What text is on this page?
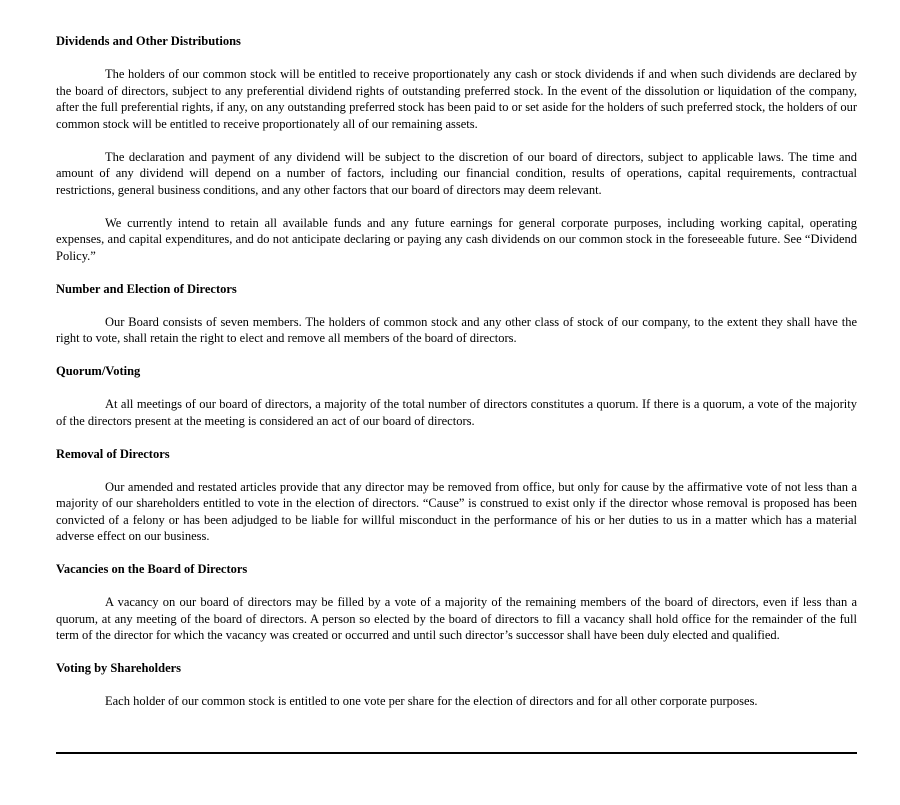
Dividends and Other Distributions

The holders of our common stock will be entitled to receive proportionately any cash or stock dividends if and when such dividends are declared by the board of directors, subject to any preferential dividend rights of outstanding preferred stock. In the event of the dissolution or liquidation of the company, after the full preferential rights, if any, on any outstanding preferred stock has been paid to or set aside for the holders of such preferred stock, the holders of our common stock will be entitled to receive proportionately all of our remaining assets.

The declaration and payment of any dividend will be subject to the discretion of our board of directors, subject to applicable laws. The time and amount of any dividend will depend on a number of factors, including our financial condition, results of operations, capital requirements, contractual restrictions, general business conditions, and any other factors that our board of directors may deem relevant.

We currently intend to retain all available funds and any future earnings for general corporate purposes, including working capital, operating expenses, and capital expenditures, and do not anticipate declaring or paying any cash dividends on our common stock in the foreseeable future. See “Dividend Policy.”

Number and Election of Directors

Our Board consists of seven members. The holders of common stock and any other class of stock of our company, to the extent they shall have the right to vote, shall retain the right to elect and remove all members of the board of directors.

Quorum/Voting

At all meetings of our board of directors, a majority of the total number of directors constitutes a quorum. If there is a quorum, a vote of the majority of the directors present at the meeting is considered an act of our board of directors.

Removal of Directors

Our amended and restated articles provide that any director may be removed from office, but only for cause by the affirmative vote of not less than a majority of our shareholders entitled to vote in the election of directors. “Cause” is construed to exist only if the director whose removal is proposed has been convicted of a felony or has been adjudged to be liable for willful misconduct in the performance of his or her duties to us in a matter which has a material adverse effect on our business.

Vacancies on the Board of Directors

A vacancy on our board of directors may be filled by a vote of a majority of the remaining members of the board of directors, even if less than a quorum, at any meeting of the board of directors. A person so elected by the board of directors to fill a vacancy shall hold office for the remainder of the full term of the director for which the vacancy was created or occurred and until such director’s successor shall have been duly elected and qualified.

Voting by Shareholders

Each holder of our common stock is entitled to one vote per share for the election of directors and for all other corporate purposes.
